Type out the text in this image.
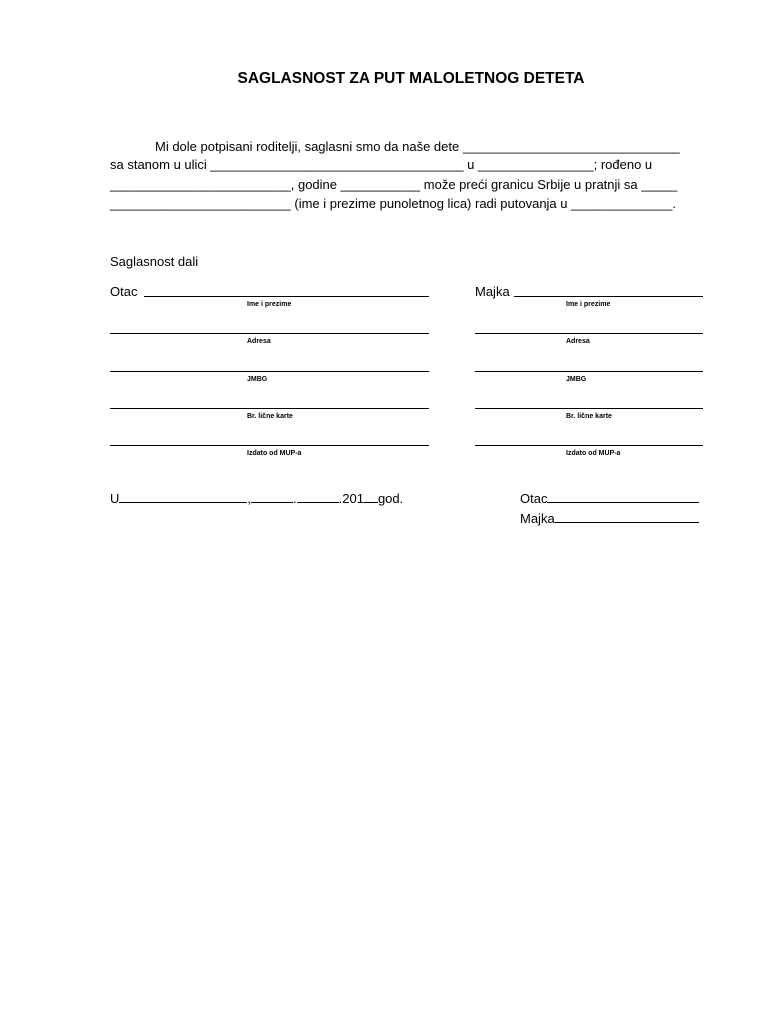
SAGLASNOST ZA PUT MALOLETNOG DETETA
Mi dole potpisani roditelji, saglasni smo da naše dete ______________________________
sa stanom u ulici ___________________________________ u ________________; rođeno u
_________________________, godine ___________ može preći granicu Srbije u pratnji sa _____
_________________________ (ime i prezime punoletnog lica) radi putovanja u ______________.
Saglasnost dali
Otac
Ime i prezime
Adresa
JMBG
Br. lične karte
Izdato od MUP-a
Majka
Ime i prezime
Adresa
JMBG
Br. lične karte
Izdato od MUP-a
U	,	.	.201 god.	Otac
Majka
